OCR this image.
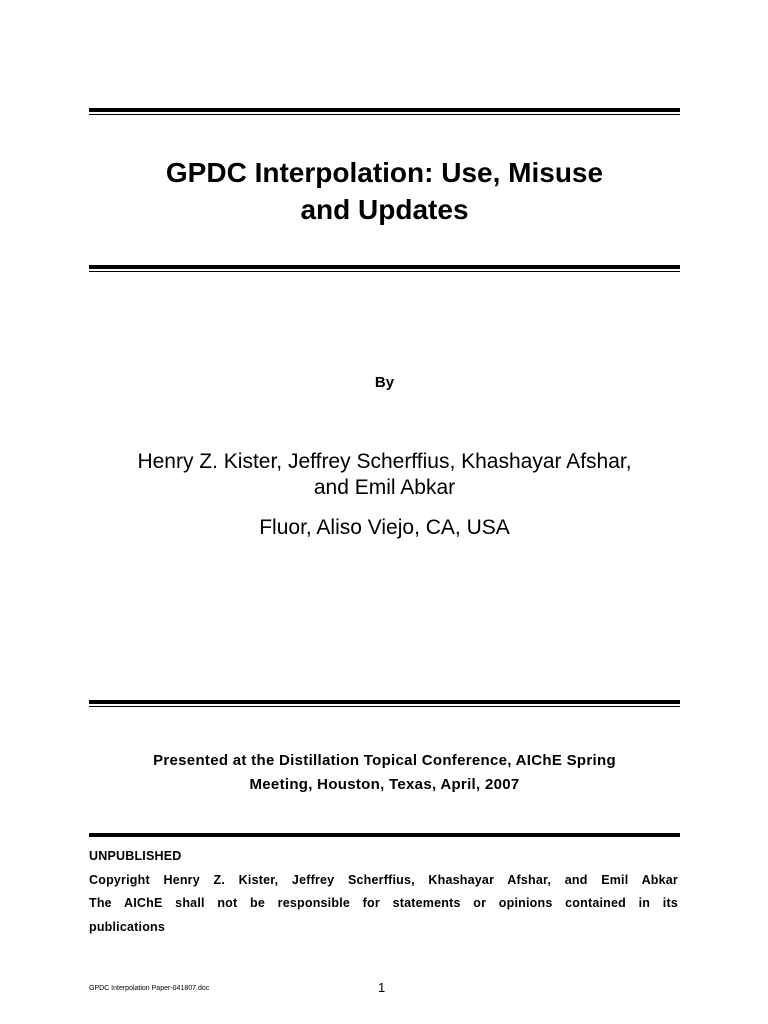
GPDC Interpolation: Use, Misuse
and Updates
By
Henry Z. Kister, Jeffrey Scherffius, Khashayar Afshar,
and Emil Abkar
Fluor, Aliso Viejo, CA, USA
Presented at the Distillation Topical Conference, AIChE Spring
Meeting, Houston, Texas, April, 2007
UNPUBLISHED
Copyright Henry Z. Kister, Jeffrey Scherffius, Khashayar Afshar, and Emil Abkar
The AIChE shall not be responsible for statements or opinions contained in its
publications
GPDC Interpolation Paper-041807.doc	1
